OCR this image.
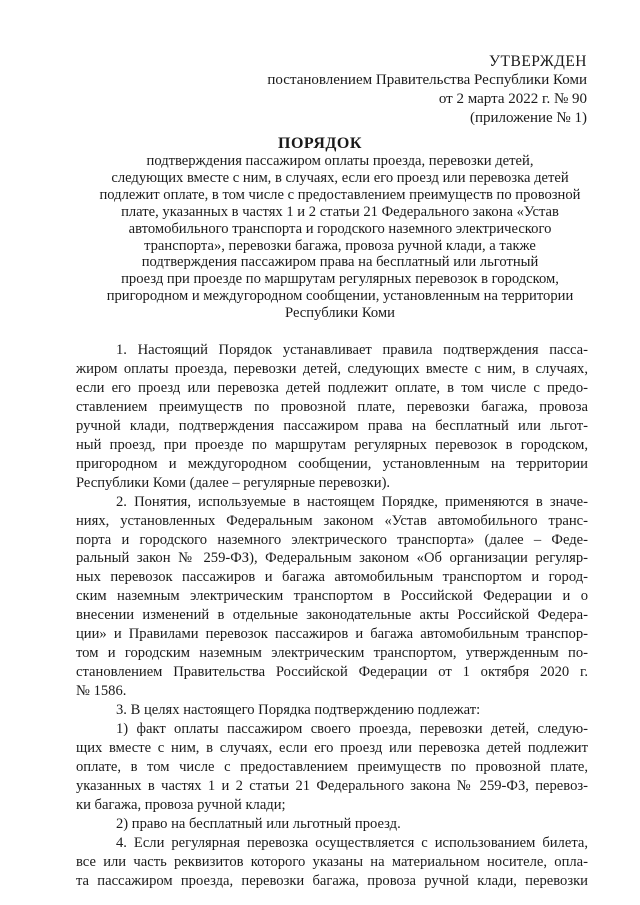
УТВЕРЖДЕН
постановлением Правительства Республики Коми
от 2 марта 2022 г. № 90
(приложение № 1)
ПОРЯДОК
подтверждения пассажиром оплаты проезда, перевозки детей,
следующих вместе с ним, в случаях, если его проезд или перевозка детей
подлежит оплате, в том числе с предоставлением преимуществ по провозной
плате, указанных в частях 1 и 2 статьи 21 Федерального закона «Устав
автомобильного транспорта и городского наземного электрического
транспорта», перевозки багажа, провоза ручной клади, а также
подтверждения пассажиром права на бесплатный или льготный
проезд при проезде по маршрутам регулярных перевозок в городском,
пригородном и междугородном сообщении, установленным на территории
Республики Коми
1. Настоящий Порядок устанавливает правила подтверждения пасса-
жиром оплаты проезда, перевозки детей, следующих вместе с ним, в случаях,
если его проезд или перевозка детей подлежит оплате, в том числе с предо-
ставлением преимуществ по провозной плате, перевозки багажа, провоза
ручной клади, подтверждения пассажиром права на бесплатный или льгот-
ный проезд, при проезде по маршрутам регулярных перевозок в городском,
пригородном и междугородном сообщении, установленным на территории
Республики Коми (далее – регулярные перевозки).
2. Понятия, используемые в настоящем Порядке, применяются в значе-
ниях, установленных Федеральным законом «Устав автомобильного транс-
порта и городского наземного электрического транспорта» (далее – Феде-
ральный закон № 259-ФЗ), Федеральным законом «Об организации регуляр-
ных перевозок пассажиров и багажа автомобильным транспортом и город-
ским наземным электрическим транспортом в Российской Федерации и о
внесении изменений в отдельные законодательные акты Российской Федера-
ции» и Правилами перевозок пассажиров и багажа автомобильным транспор-
том и городским наземным электрическим транспортом, утвержденным по-
становлением Правительства Российской Федерации от 1 октября 2020 г.
№ 1586.
3. В целях настоящего Порядка подтверждению подлежат:
1) факт оплаты пассажиром своего проезда, перевозки детей, следую-
щих вместе с ним, в случаях, если его проезд или перевозка детей подлежит
оплате, в том числе с предоставлением преимуществ по провозной плате,
указанных в частях 1 и 2 статьи 21 Федерального закона № 259-ФЗ, перевоз-
ки багажа, провоза ручной клади;
2) право на бесплатный или льготный проезд.
4. Если регулярная перевозка осуществляется с использованием билета,
все или часть реквизитов которого указаны на материальном носителе, опла-
та пассажиром проезда, перевозки багажа, провоза ручной клади, перевозки
